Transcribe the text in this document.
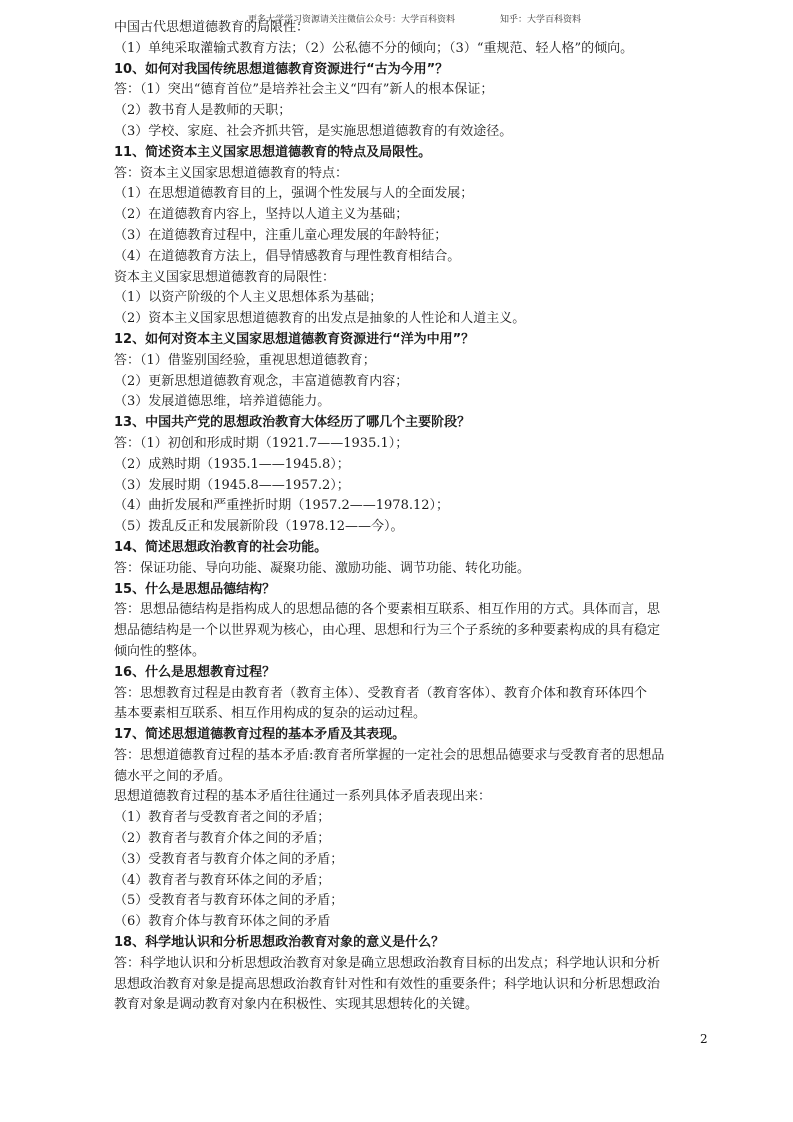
更多大学学习资源请关注微信公众号：大学百科资料	知乎：大学百科资料
中国古代思想道德教育的局限性：
（1）单纯采取灌输式教育方法；（2）公私德不分的倾向；（3）“重规范、轻人格”的倾向。
10、如何对我国传统思想道德教育资源进行“古为今用”？
答：（1）突出“德育首位”是培养社会主义“四有”新人的根本保证；
（2）教书育人是教师的天职；
（3）学校、家庭、社会齐抓共管，是实施思想道德教育的有效途径。
11、简述资本主义国家思想道德教育的特点及局限性。
答：资本主义国家思想道德教育的特点：
（1）在思想道德教育目的上，强调个性发展与人的全面发展；
（2）在道德教育内容上，坚持以人道主义为基础；
（3）在道德教育过程中，注重儿童心理发展的年龄特征；
（4）在道德教育方法上，倡导情感教育与理性教育相结合。
资本主义国家思想道德教育的局限性：
（1）以资产阶级的个人主义思想体系为基础；
（2）资本主义国家思想道德教育的出发点是抽象的人性论和人道主义。
12、如何对资本主义国家思想道德教育资源进行“洋为中用”？
答：（1）借鉴别国经验，重视思想道德教育；
（2）更新思想道德教育观念，丰富道德教育内容；
（3）发展道德思维，培养道德能力。
13、中国共产党的思想政治教育大体经历了哪几个主要阶段？
答：（1）初创和形成时期（1921.7——1935.1）；
（2）成熟时期（1935.1——1945.8）；
（3）发展时期（1945.8——1957.2）；
（4）曲折发展和严重挫折时期（1957.2——1978.12）；
（5）拨乱反正和发展新阶段（1978.12——今）。
14、简述思想政治教育的社会功能。
答：保证功能、导向功能、凝聚功能、激励功能、调节功能、转化功能。
15、什么是思想品德结构？
答：思想品德结构是指构成人的思想品德的各个要素相互联系、相互作用的方式。具体而言，思
想品德结构是一个以世界观为核心，由心理、思想和行为三个子系统的多种要素构成的具有稳定
倾向性的整体。
16、什么是思想教育过程？
答：思想教育过程是由教育者（教育主体）、受教育者（教育客体）、教育介体和教育环体四个
基本要素相互联系、相互作用构成的复杂的运动过程。
17、简述思想道德教育过程的基本矛盾及其表现。
答：思想道德教育过程的基本矛盾:教育者所掌握的一定社会的思想品德要求与受教育者的思想品
德水平之间的矛盾。
思想道德教育过程的基本矛盾往往通过一系列具体矛盾表现出来：
（1）教育者与受教育者之间的矛盾；
（2）教育者与教育介体之间的矛盾；
（3）受教育者与教育介体之间的矛盾；
（4）教育者与教育环体之间的矛盾；
（5）受教育者与教育环体之间的矛盾；
（6）教育介体与教育环体之间的矛盾
18、科学地认识和分析思想政治教育对象的意义是什么？
答：科学地认识和分析思想政治教育对象是确立思想政治教育目标的出发点；科学地认识和分析
思想政治教育对象是提高思想政治教育针对性和有效性的重要条件；科学地认识和分析思想政治
教育对象是调动教育对象内在积极性、实现其思想转化的关键。
2
